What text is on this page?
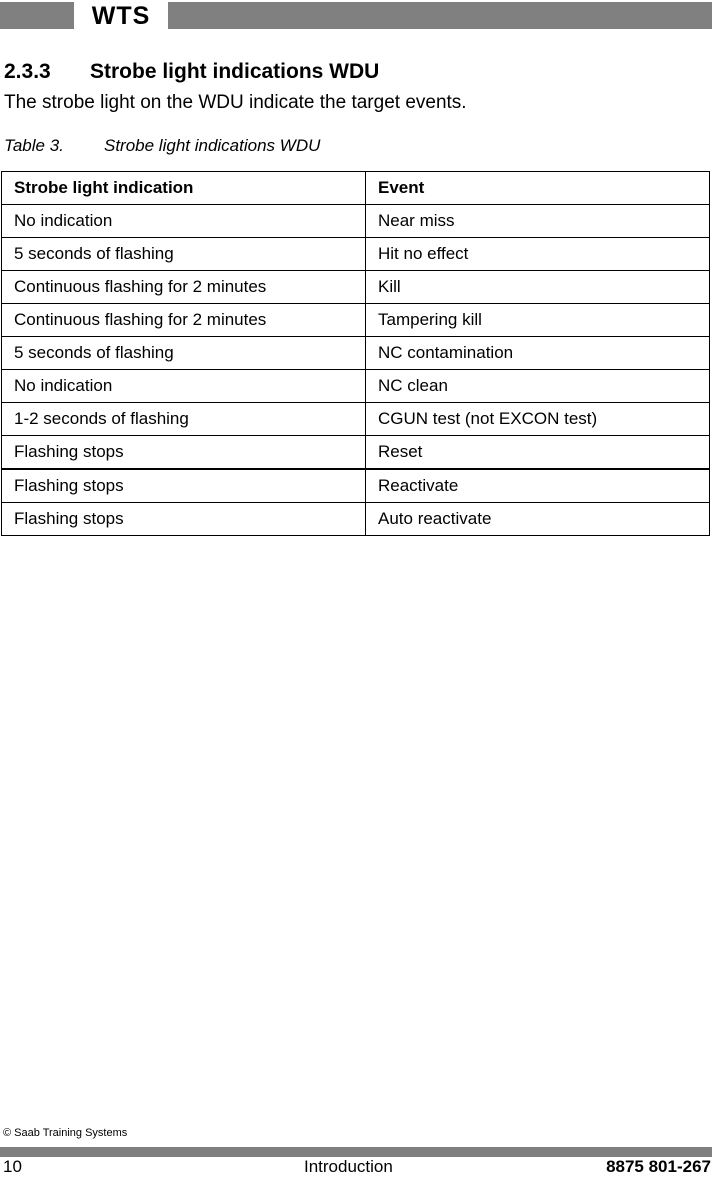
WTS
2.3.3 Strobe light indications WDU
The strobe light on the WDU indicate the target events.
Table 3. Strobe light indications WDU
Strobe light indication	Event
No indication	Near miss
5 seconds of flashing	Hit no effect
Continuous flashing for 2 minutes	Kill
Continuous flashing for 2 minutes	Tampering kill
5 seconds of flashing	NC contamination
No indication	NC clean
1-2 seconds of flashing	CGUN test (not EXCON test)
Flashing stops	Reset
Flashing stops	Reactivate
Flashing stops	Auto reactivate
© Saab Training Systems
10	Introduction	8875 801-267
